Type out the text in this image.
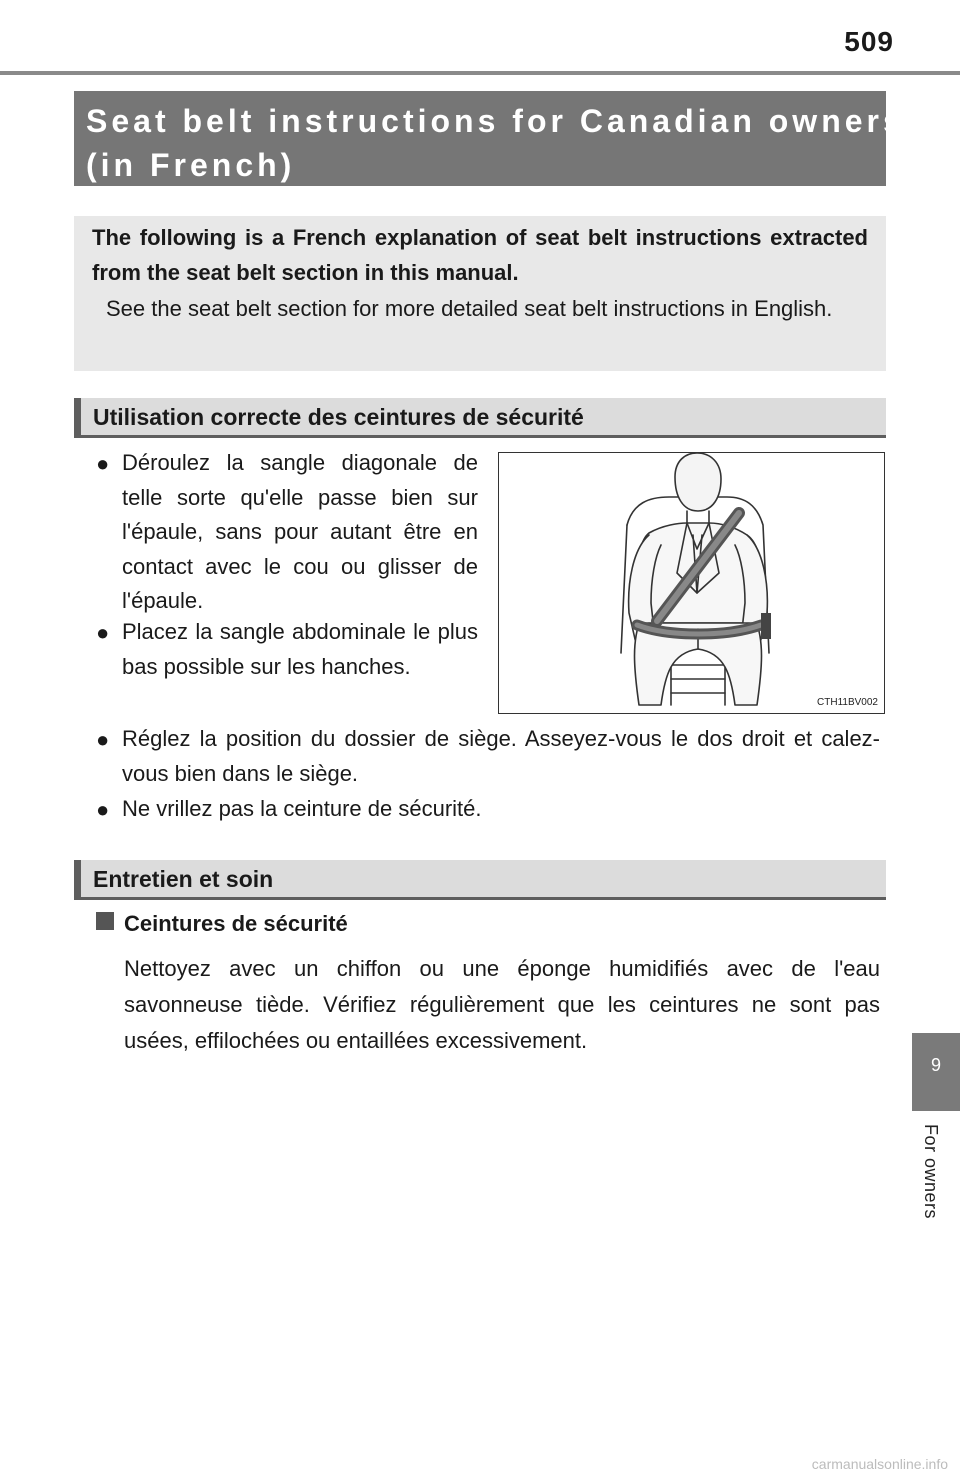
509
Seat belt instructions for Canadian owners
(in French)
The following is a French explanation of seat belt instructions extracted from the seat belt section in this manual.
See the seat belt section for more detailed seat belt instructions in English.
Utilisation correcte des ceintures de sécurité
● Déroulez la sangle diagonale de telle sorte qu'elle passe bien sur l'épaule, sans pour autant être en contact avec le cou ou glisser de l'épaule.
● Placez la sangle abdominale le plus bas possible sur les hanches.
CTH11BV002
● Réglez la position du dossier de siège. Asseyez-vous le dos droit et calez-vous bien dans le siège.
● Ne vrillez pas la ceinture de sécurité.
Entretien et soin
Ceintures de sécurité
Nettoyez avec un chiffon ou une éponge humidifiés avec de l'eau savonneuse tiède. Vérifiez régulièrement que les ceintures ne sont pas usées, effilochées ou entaillées excessivement.
9
For owners
carmanualsonline.info
